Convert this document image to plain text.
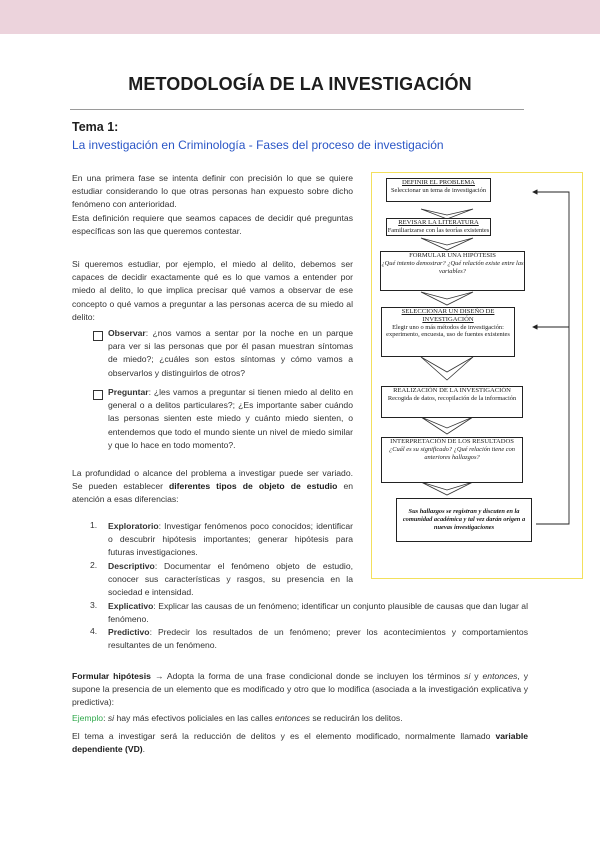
METODOLOGÍA DE LA INVESTIGACIÓN
Tema 1:
La investigación en Criminología - Fases del proceso de investigación
En una primera fase se intenta definir con precisión lo que se quiere estudiar considerando lo que otras personas han expuesto sobre dicho fenómeno con anterioridad.
Esta definición requiere que seamos capaces de decidir qué preguntas específicas son las que queremos contestar.
Si queremos estudiar, por ejemplo, el miedo al delito, debemos ser capaces de decidir exactamente qué es lo que vamos a entender por miedo al delito, lo que implica precisar qué vamos a observar de ese concepto o qué vamos a preguntar a las personas acerca de su miedo al delito:
Observar: ¿nos vamos a sentar por la noche en un parque para ver si las personas que por él pasan muestran síntomas de miedo?; ¿cuáles son estos síntomas y cómo vamos a observarlos y distinguirlos de otros?
Preguntar: ¿les vamos a preguntar si tienen miedo al delito en general o a delitos particulares?; ¿Es importante saber cuándo las personas sienten este miedo y cuánto miedo sienten, o entendemos que todo el mundo siente un nivel de miedo similar y que lo hace en todo momento?.
La profundidad o alcance del problema a investigar puede ser variado. Se pueden establecer diferentes tipos de objeto de estudio en atención a esas diferencias:
1. Exploratorio: Investigar fenómenos poco conocidos; identificar o descubrir hipótesis importantes; generar hipótesis para futuras investigaciones.
2. Descriptivo: Documentar el fenómeno objeto de estudio, conocer sus características y rasgos, su presencia en la sociedad e intensidad.
3. Explicativo: Explicar las causas de un fenómeno; identificar un conjunto plausible de causas que dan lugar al fenómeno.
4. Predictivo: Predecir los resultados de un fenómeno; prever los acontecimientos y comportamientos resultantes de un fenómeno.
Formular hipótesis → Adopta la forma de una frase condicional donde se incluyen los términos si y entonces, y supone la presencia de un elemento que es modificado y otro que lo modifica (asociada a la investigación explicativa y predictiva):
Ejemplo: si hay más efectivos policiales en las calles entonces se reducirán los delitos.
El tema a investigar será la reducción de delitos y es el elemento modificado, normalmente llamado variable dependiente (VD).
DEFINIR EL PROBLEMA
Seleccionar un tema de investigación
REVISAR LA LITERATURA
Familiarizarse con las teorías existentes
FORMULAR UNA HIPÓTESIS
¿Qué intento demostrar? ¿Qué relación existe entre las variables?
SELECCIONAR UN DISEÑO DE INVESTIGACIÓN
Elegir uno o más métodos de investigación: experimento, encuesta, uso de fuentes existentes
REALIZACIÓN DE LA INVESTIGACIÓN
Recogida de datos, recopilación de la información
INTERPRETACIÓN DE LOS RESULTADOS
¿Cuál es su significado? ¿Qué relación tiene con anteriores hallazgos?
Sus hallazgos se registran y discuten en la comunidad académica y tal vez darán origen a nuevas investigaciones
